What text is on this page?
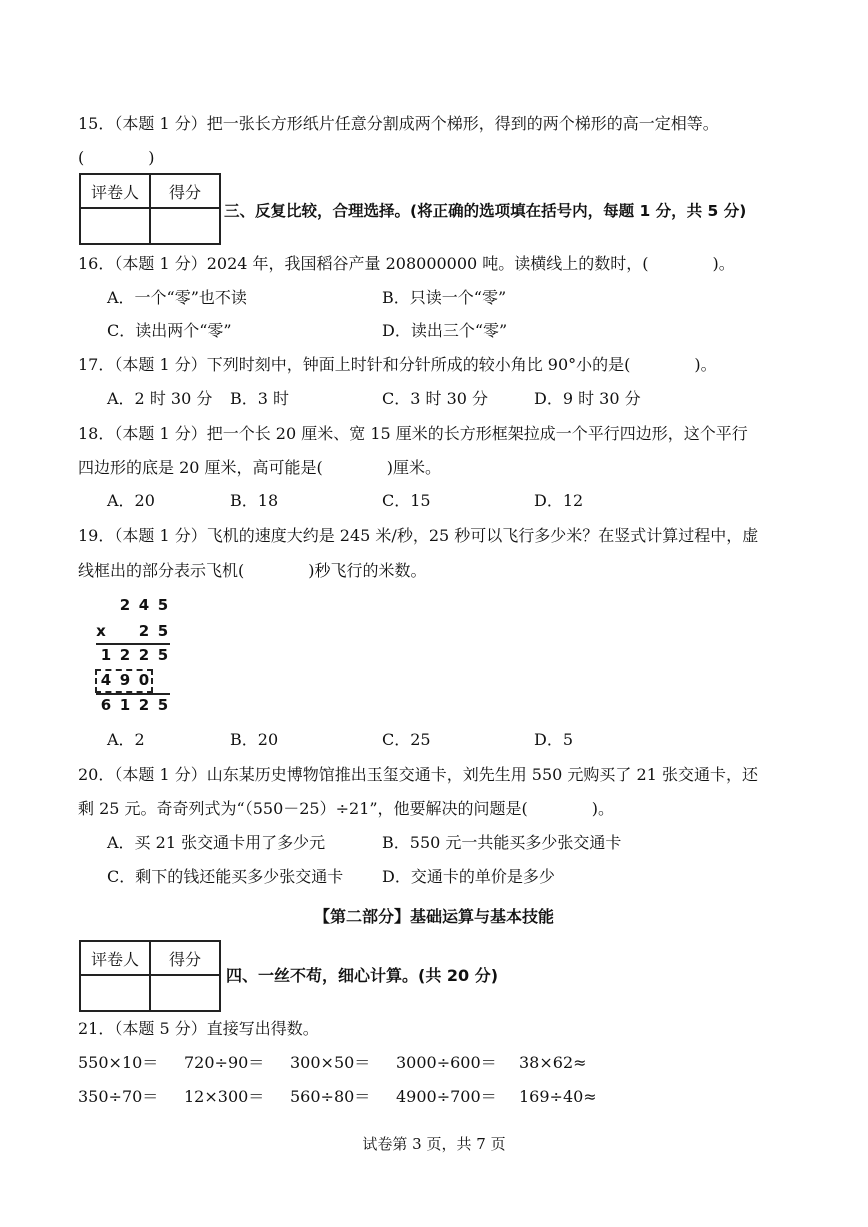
15．（本题 1 分）把一张长方形纸片任意分割成两个梯形，得到的两个梯形的高一定相等。
(　　　　)
评卷人	得分

三、反复比较，合理选择。(将正确的选项填在括号内，每题 1 分，共 5 分)
16．（本题 1 分）2024 年，我国稻谷产量 208000000 吨。读横线上的数时，(　　　　)。
A．一个“零”也不读	B．只读一个“零”
C．读出两个“零”	D．读出三个“零”
17．（本题 1 分）下列时刻中，钟面上时针和分针所成的较小角比 90°小的是(　　　　)。
A．2 时 30 分 B．3 时	C．3 时 30 分	D．9 时 30 分
18．（本题 1 分）把一个长 20 厘米、宽 15 厘米的长方形框架拉成一个平行四边形，这个平行
四边形的底是 20 厘米，高可能是(　　　　)厘米。
A．20	B．18	C．15	D．12
19．（本题 1 分）飞机的速度大约是 245 米/秒，25 秒可以飞行多少米？在竖式计算过程中，虚
线框出的部分表示飞机(　　　　)秒飞行的米数。
2 4 5
x 2 5
1 2 2 5
4 9 0
6 1 2 5
A．2	B．20	C．25	D．5
20．（本题 1 分）山东某历史博物馆推出玉玺交通卡，刘先生用 550 元购买了 21 张交通卡，还
剩 25 元。奇奇列式为“（550－25）÷21”，他要解决的问题是(　　　　)。
A．买 21 张交通卡用了多少元	B．550 元一共能买多少张交通卡
C．剩下的钱还能买多少张交通卡 D．交通卡的单价是多少
【第二部分】基础运算与基本技能
评卷人	得分

四、一丝不苟，细心计算。(共 20 分)
21．（本题 5 分）直接写出得数。
550×10＝ 720÷90＝ 300×50＝ 3000÷600＝ 38×62≈
350÷70＝ 12×300＝ 560÷80＝ 4900÷700＝ 169÷40≈
试卷第 3 页，共 7 页
